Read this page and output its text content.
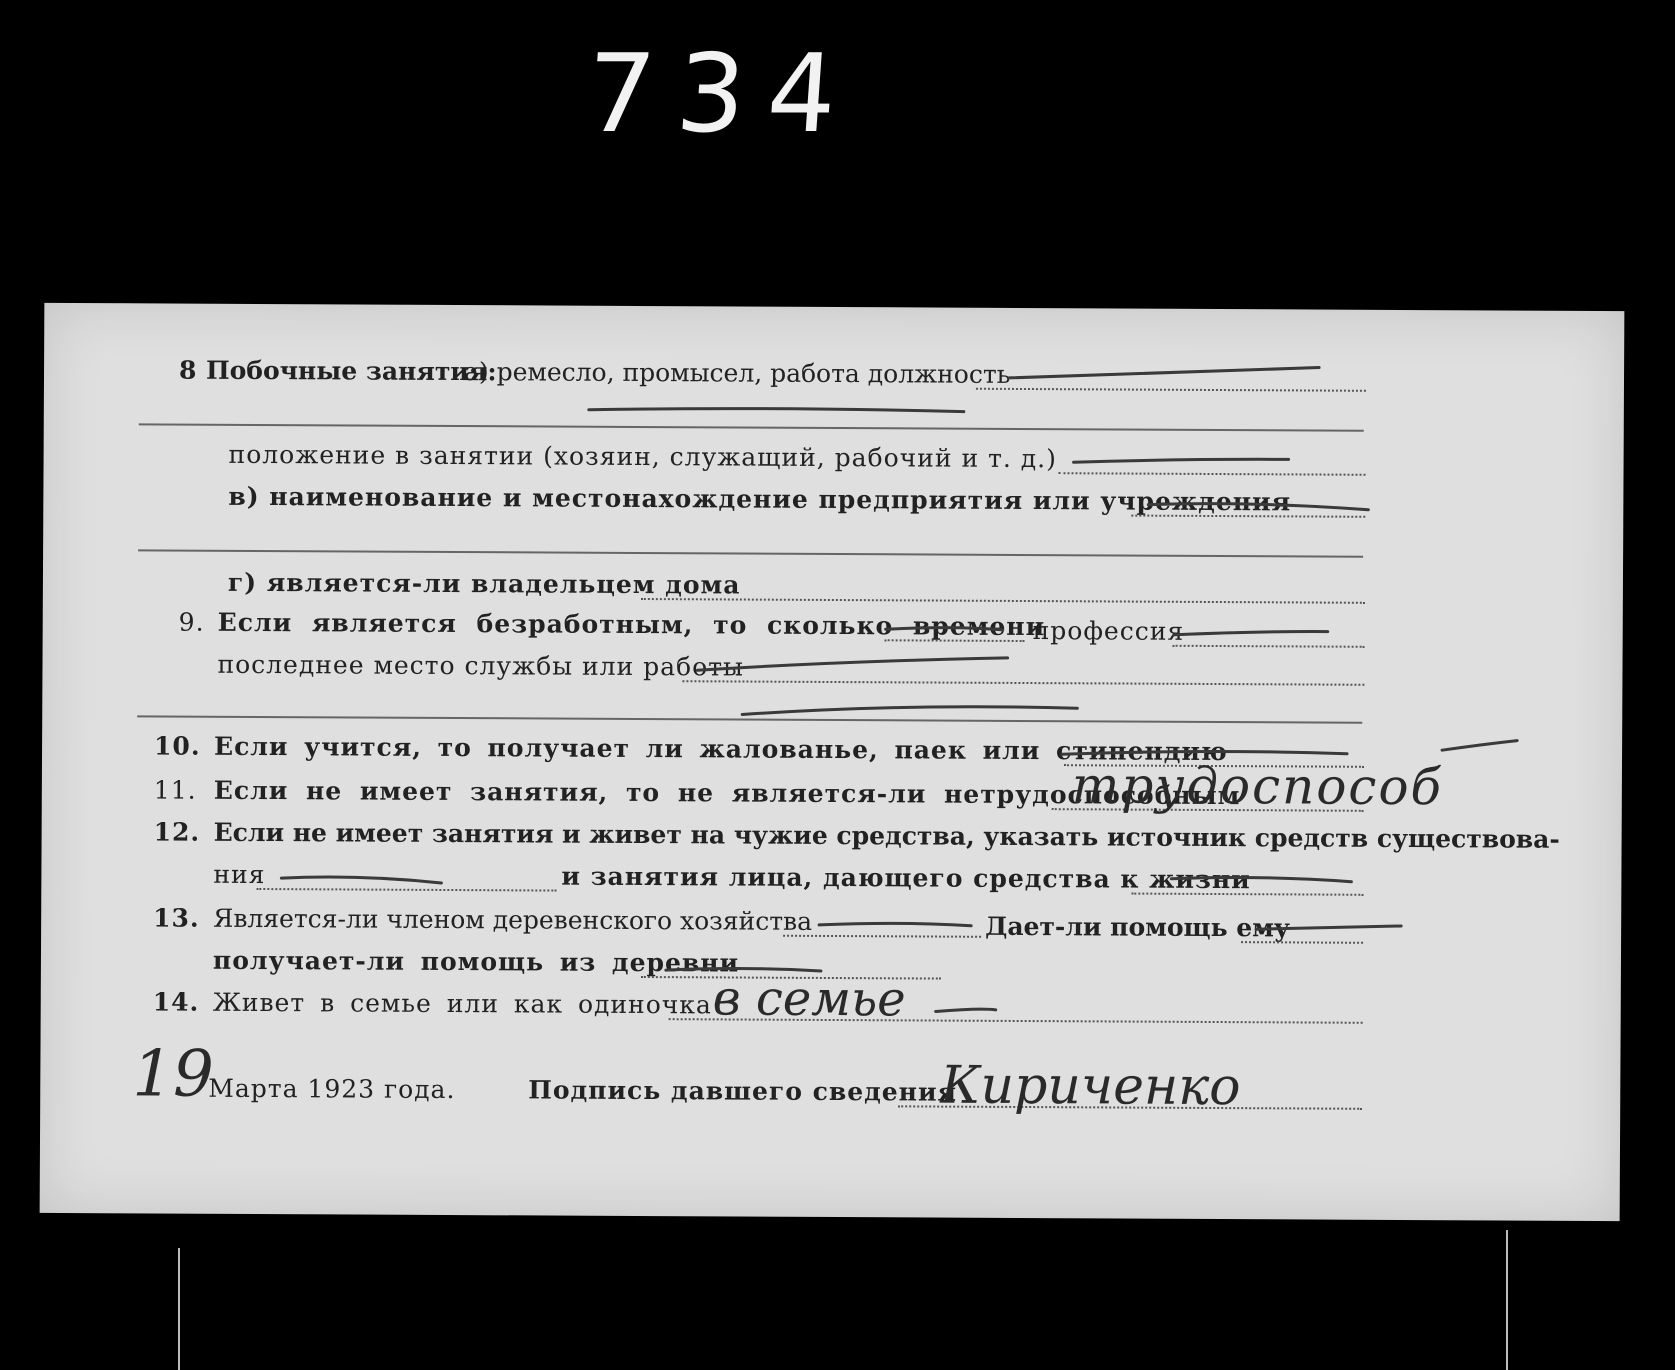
734
8 Побочные занятия:
а) ремесло, промысел, работа должность
положение в занятии (хозяин, служащий, рабочий и т. д.)
в) наименование и местонахождение предприятия или учреждения
г) является-ли владельцем дома
9. Если является безработным, то сколько времени
профессия
последнее место службы или работы
10. Если учится, то получает ли жалованье, паек или стипендию
11. Если не имеет занятия, то не является-ли нетрудоспособным
трудоспособ
12. Если не имеет занятия и живет на чужие средства, указать источник средств существова-
ния	и занятия лица, дающего средства к жизни
13. Является-ли членом деревенского хозяйства	Дает-ли помощь ему
получает-ли помощь из деревни
14. Живет в семье или как одиночка в семье
19
Марта 1923 года.	Подпись давшего сведения
Кириченко
